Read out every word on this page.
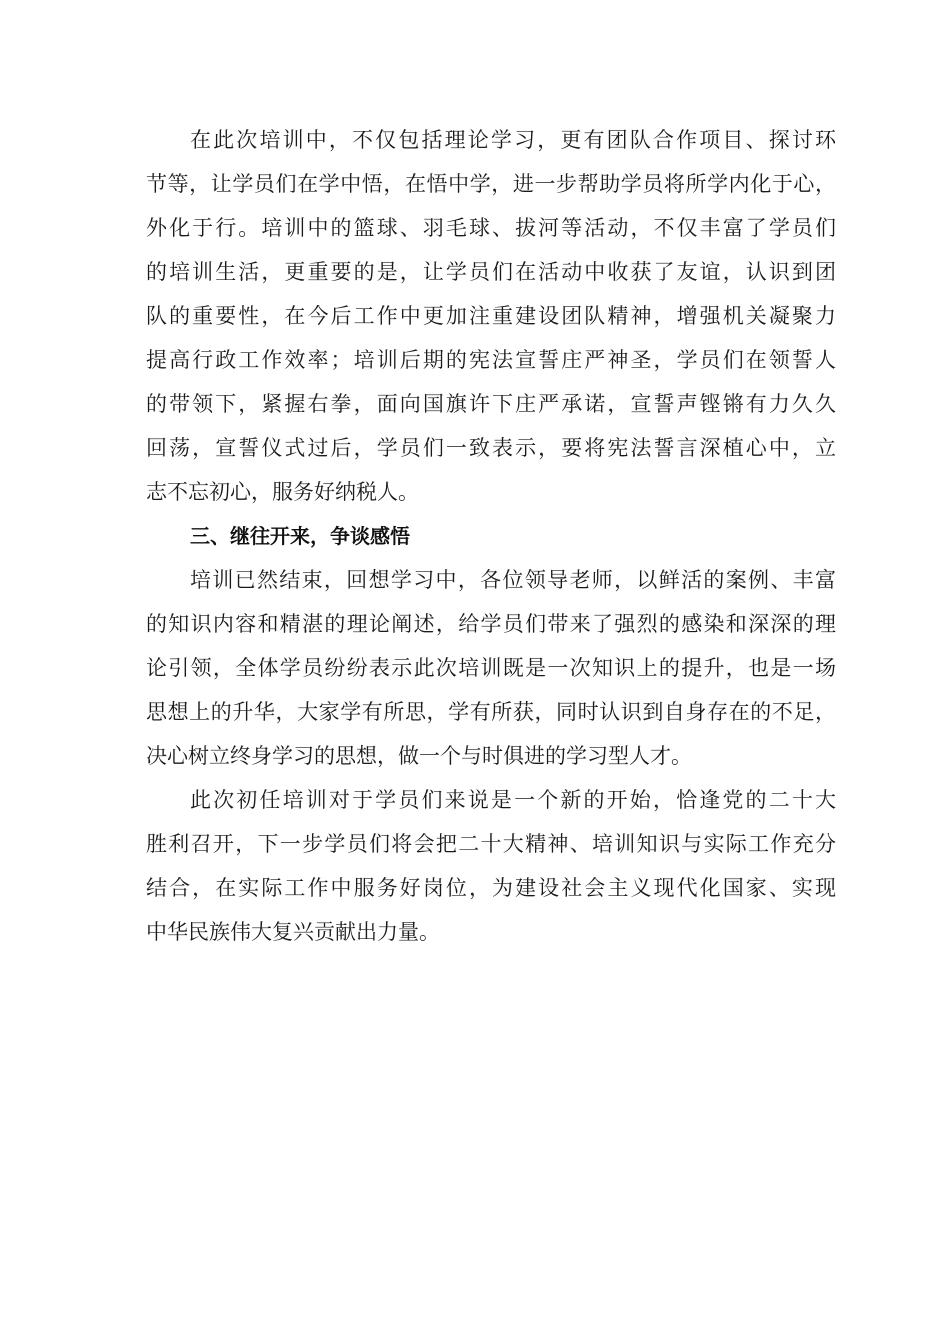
在此次培训中，不仅包括理论学习，更有团队合作项目、探讨环
节等，让学员们在学中悟，在悟中学，进一步帮助学员将所学内化于心，
外化于行。培训中的篮球、羽毛球、拔河等活动，不仅丰富了学员们
的培训生活，更重要的是，让学员们在活动中收获了友谊，认识到团
队的重要性，在今后工作中更加注重建设团队精神，增强机关凝聚力
提高行政工作效率；培训后期的宪法宣誓庄严神圣，学员们在领誓人
的带领下，紧握右拳，面向国旗许下庄严承诺，宣誓声铿锵有力久久
回荡，宣誓仪式过后，学员们一致表示，要将宪法誓言深植心中，立
志不忘初心，服务好纳税人。
三、继往开来，争谈感悟
培训已然结束，回想学习中，各位领导老师，以鲜活的案例、丰富
的知识内容和精湛的理论阐述，给学员们带来了强烈的感染和深深的理
论引领，全体学员纷纷表示此次培训既是一次知识上的提升，也是一场
思想上的升华，大家学有所思，学有所获，同时认识到自身存在的不足，
决心树立终身学习的思想，做一个与时俱进的学习型人才。
此次初任培训对于学员们来说是一个新的开始，恰逢党的二十大
胜利召开，下一步学员们将会把二十大精神、培训知识与实际工作充分
结合，在实际工作中服务好岗位，为建设社会主义现代化国家、实现
中华民族伟大复兴贡献出力量。
